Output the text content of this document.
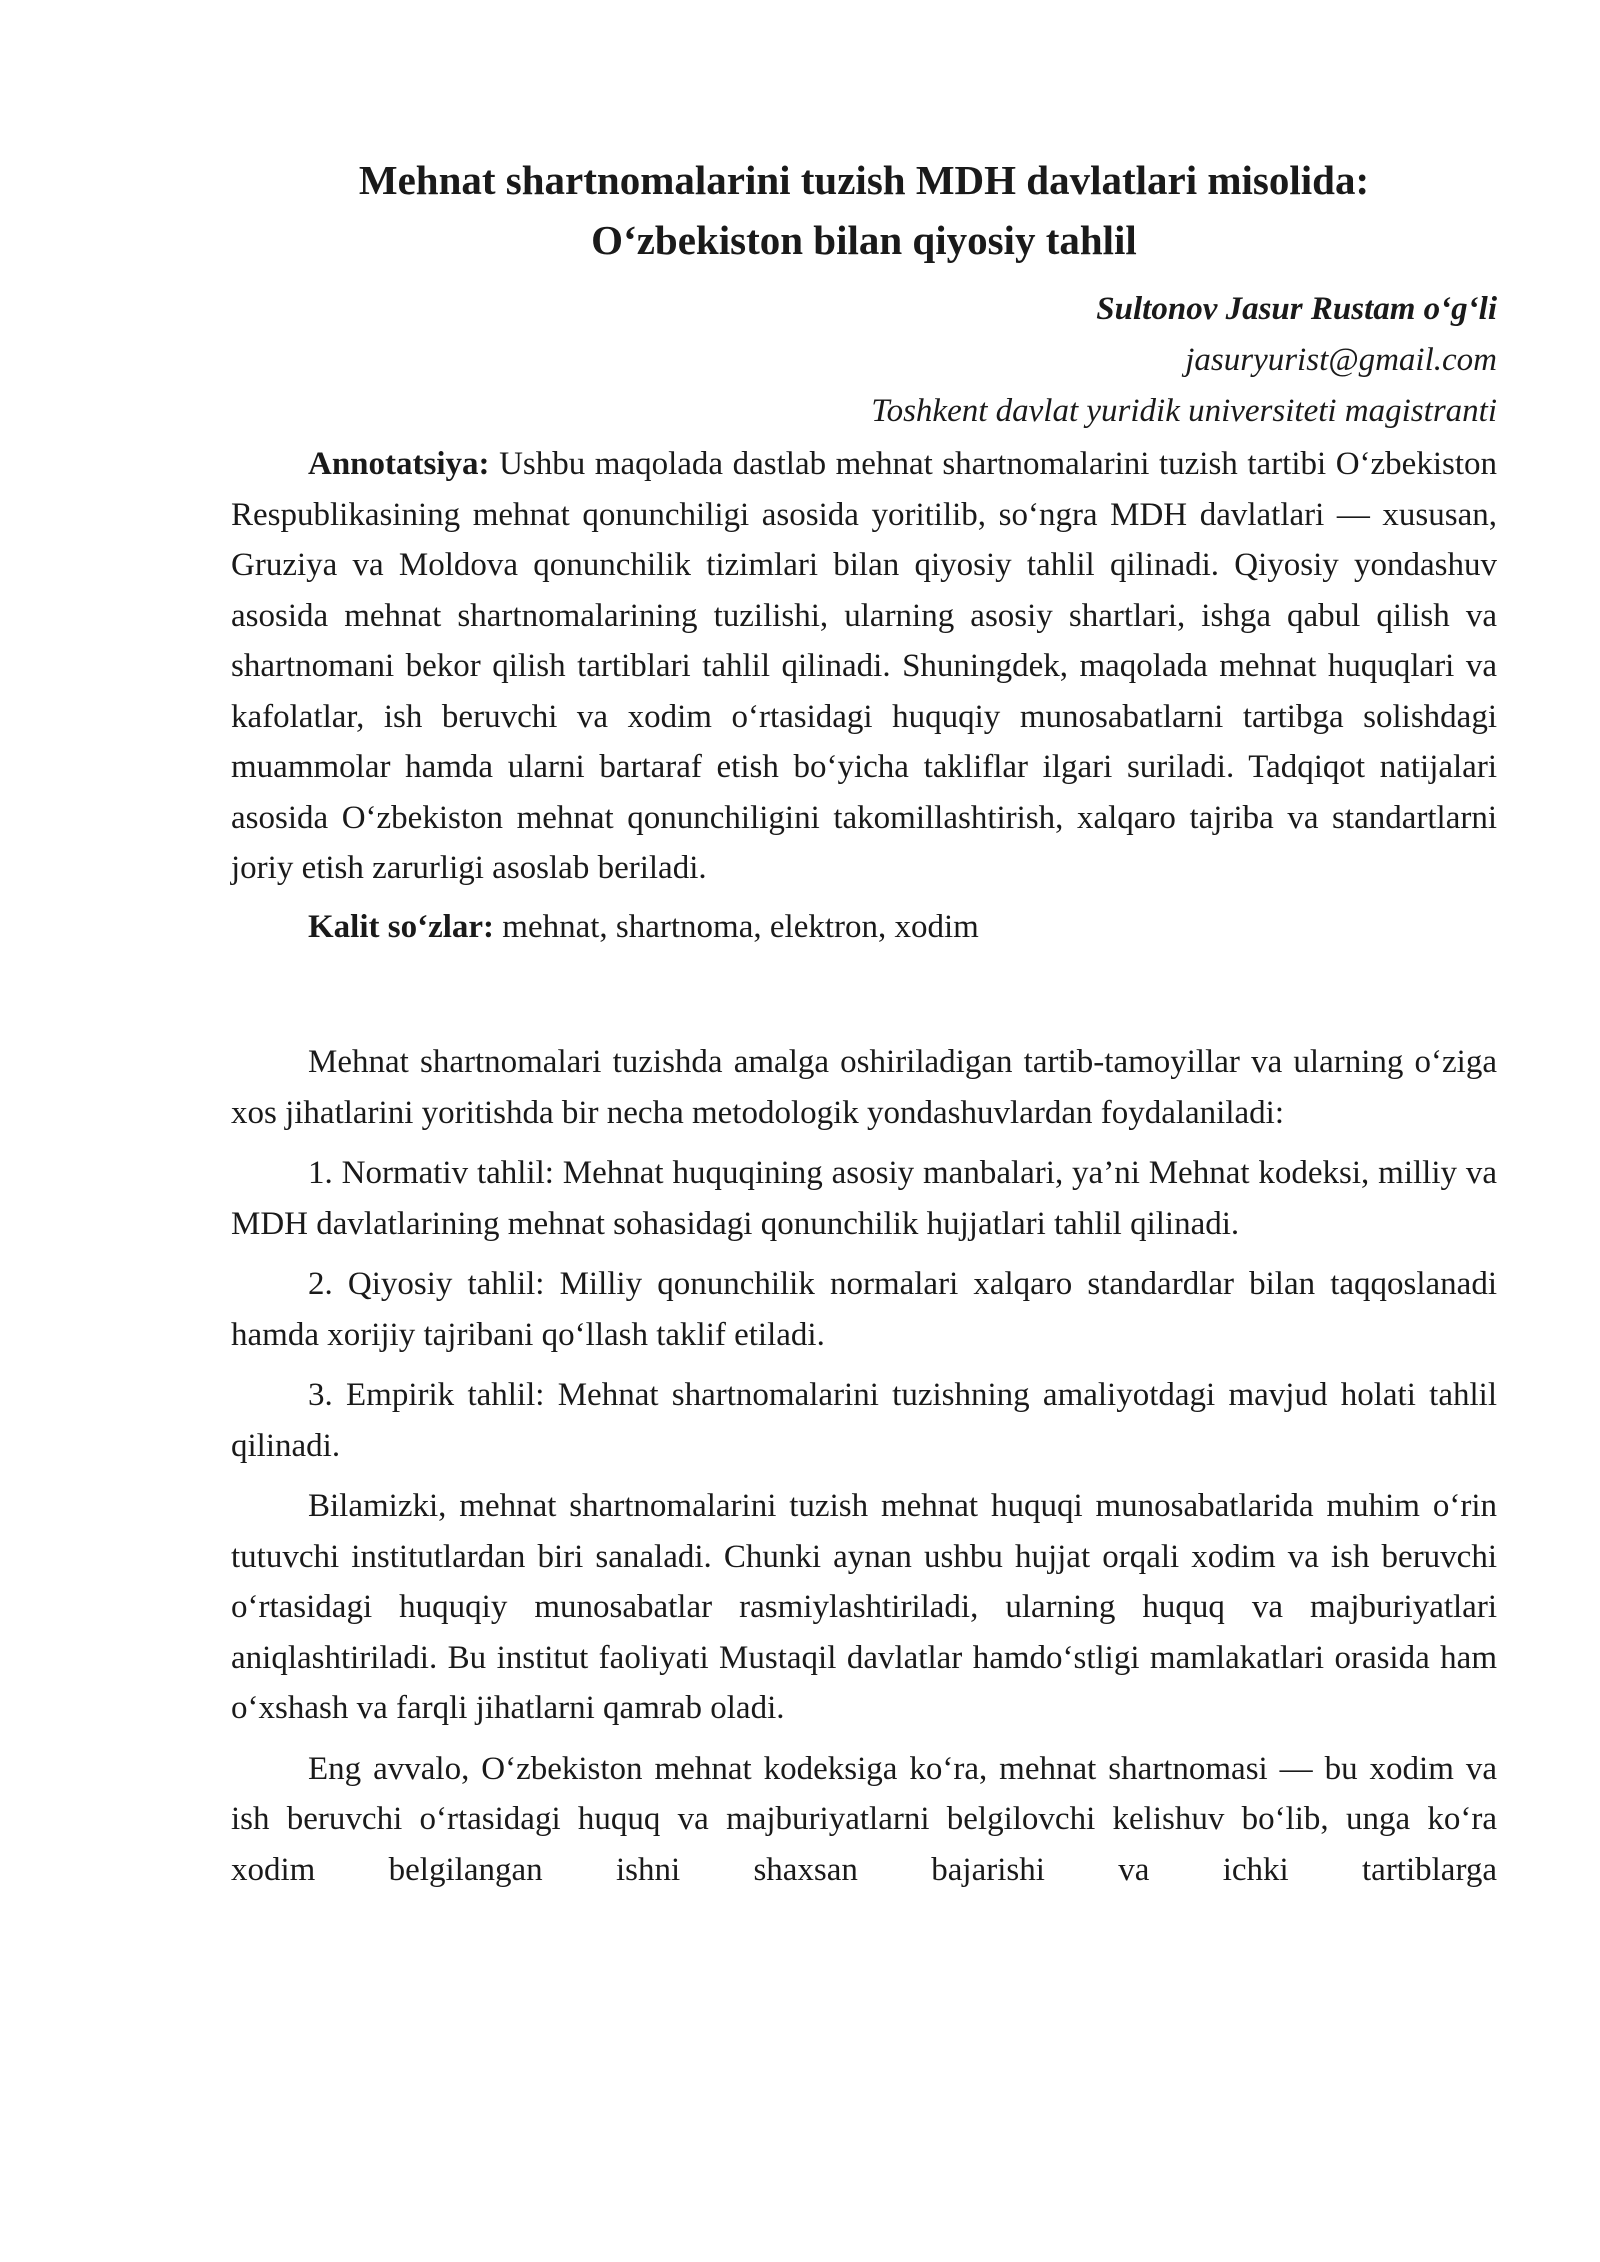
Mehnat shartnomalarini tuzish MDH davlatlari misolida:
O‘zbekiston bilan qiyosiy tahlil
Sultonov Jasur Rustam o‘g‘li
jasuryurist@gmail.com
Toshkent davlat yuridik universiteti magistranti

Annotatsiya: Ushbu maqolada dastlab mehnat shartnomalarini tuzish tartibi O‘zbekiston Respublikasining mehnat qonunchiligi asosida yoritilib, so‘ngra MDH davlatlari — xususan, Gruziya va Moldova qonunchilik tizimlari bilan qiyosiy tahlil qilinadi. Qiyosiy yondashuv asosida mehnat shartnomalarining tuzilishi, ularning asosiy shartlari, ishga qabul qilish va shartnomani bekor qilish tartiblari tahlil qilinadi. Shuningdek, maqolada mehnat huquqlari va kafolatlar, ish beruvchi va xodim o‘rtasidagi huquqiy munosabatlarni tartibga solishdagi muammolar hamda ularni bartaraf etish bo‘yicha takliflar ilgari suriladi. Tadqiqot natijalari asosida O‘zbekiston mehnat qonunchiligini takomillashtirish, xalqaro tajriba va standartlarni joriy etish zarurligi asoslab beriladi.

Kalit so‘zlar: mehnat, shartnoma, elektron, xodim

Mehnat shartnomalari tuzishda amalga oshiriladigan tartib-tamoyillar va ularning o‘ziga xos jihatlarini yoritishda bir necha metodologik yondashuvlardan foydalaniladi:

1. Normativ tahlil: Mehnat huquqining asosiy manbalari, ya’ni Mehnat kodeksi, milliy va MDH davlatlarining mehnat sohasidagi qonunchilik hujjatlari tahlil qilinadi.

2. Qiyosiy tahlil: Milliy qonunchilik normalari xalqaro standardlar bilan taqqoslanadi hamda xorijiy tajribani qo‘llash taklif etiladi.

3. Empirik tahlil: Mehnat shartnomalarini tuzishning amaliyotdagi mavjud holati tahlil qilinadi.

Bilamizki, mehnat shartnomalarini tuzish mehnat huquqi munosabatlarida muhim o‘rin tutuvchi institutlardan biri sanaladi. Chunki aynan ushbu hujjat orqali xodim va ish beruvchi o‘rtasidagi huquqiy munosabatlar rasmiylashtiriladi, ularning huquq va majburiyatlari aniqlashtiriladi. Bu institut faoliyati Mustaqil davlatlar hamdo‘stligi mamlakatlari orasida ham o‘xshash va farqli jihatlarni qamrab oladi.

Eng avvalo, O‘zbekiston mehnat kodeksiga ko‘ra, mehnat shartnomasi — bu xodim va ish beruvchi o‘rtasidagi huquq va majburiyatlarni belgilovchi kelishuv bo‘lib, unga ko‘ra xodim belgilangan ishni shaxsan bajarishi va ichki tartiblarga
